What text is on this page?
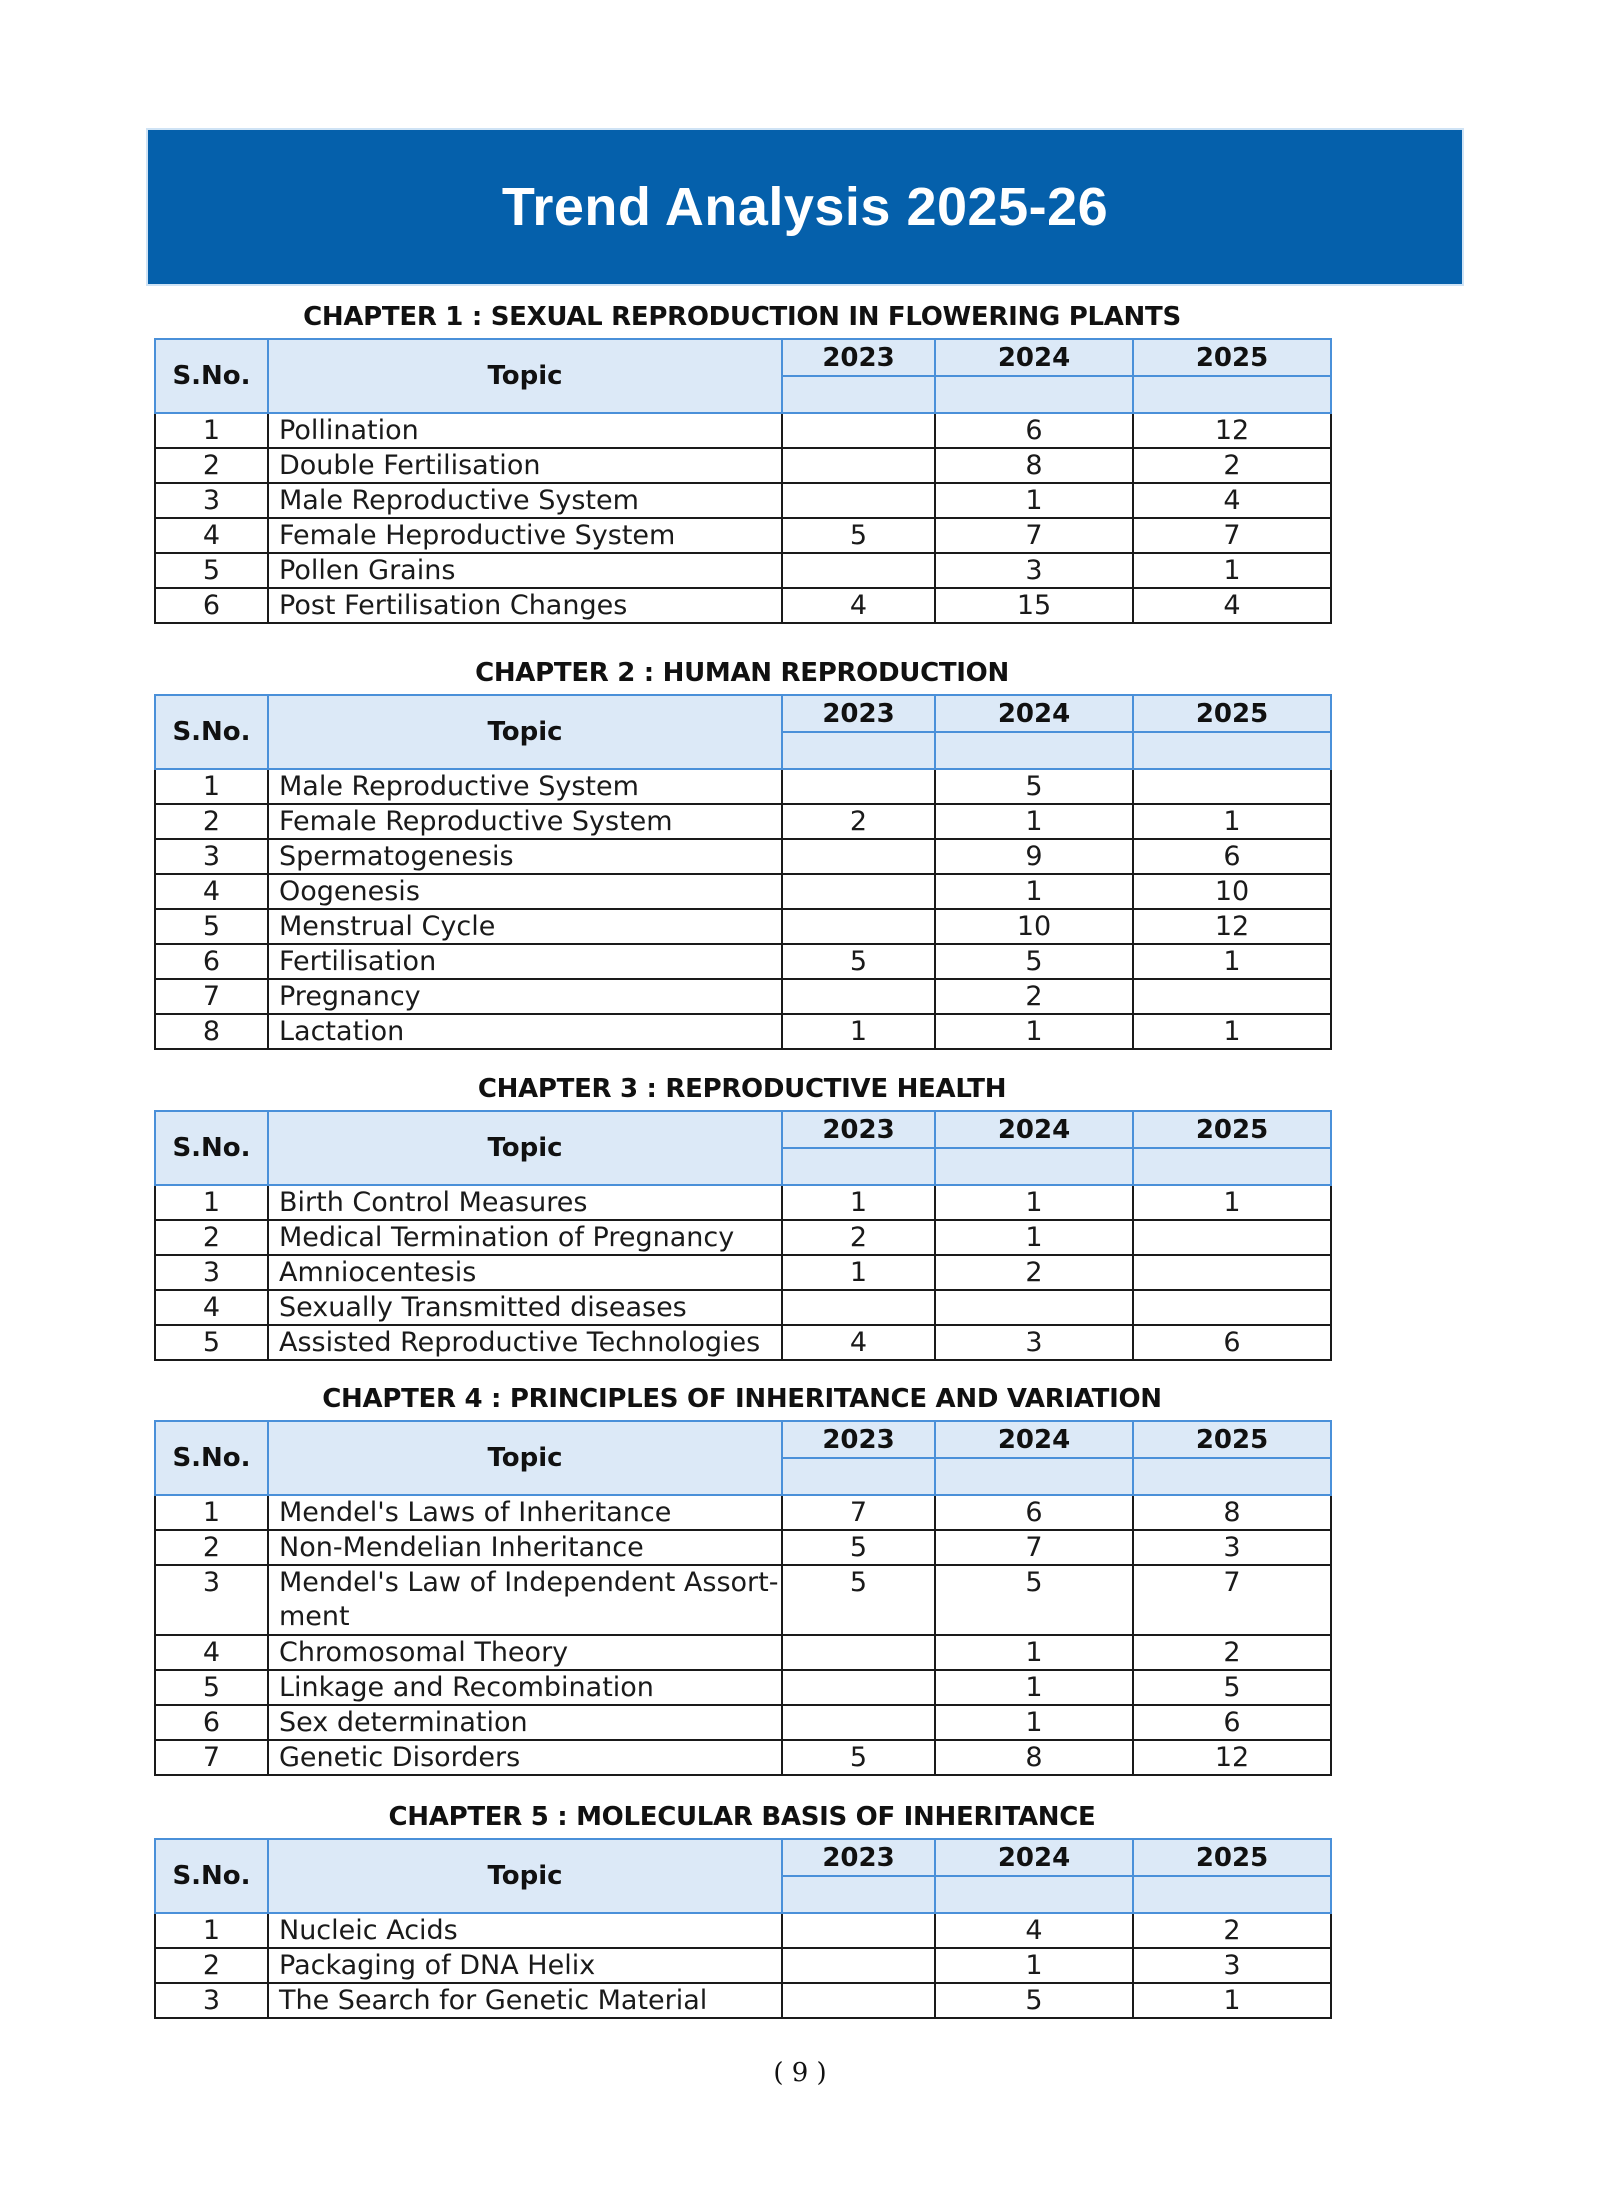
Trend Analysis 2025-26
CHAPTER 1 : SEXUAL REPRODUCTION IN FLOWERING PLANTS
S.No.	Topic	2023	2024	2025

1	Pollination		6	12
2	Double Fertilisation		8	2
3	Male Reproductive System		1	4
4	Female Heproductive System	5	7	7
5	Pollen Grains		3	1
6	Post Fertilisation Changes	4	15	4
CHAPTER 2 : HUMAN REPRODUCTION
S.No.	Topic	2023	2024	2025

1	Male Reproductive System		5	
2	Female Reproductive System	2	1	1
3	Spermatogenesis		9	6
4	Oogenesis		1	10
5	Menstrual Cycle		10	12
6	Fertilisation	5	5	1
7	Pregnancy		2	
8	Lactation	1	1	1
CHAPTER 3 : REPRODUCTIVE HEALTH
S.No.	Topic	2023	2024	2025

1	Birth Control Measures	1	1	1
2	Medical Termination of Pregnancy	2	1	
3	Amniocentesis	1	2	
4	Sexually Transmitted diseases			

5	Assisted Reproductive Technologies	4	3	6
CHAPTER 4 : PRINCIPLES OF INHERITANCE AND VARIATION
S.No.	Topic	2023	2024	2025

1	Mendel's Laws of Inheritance	7	6	8
2	Non-Mendelian Inheritance	5	7	3
3	Mendel's Law of Independent Assort-
ment	5	5	7
4	Chromosomal Theory		1	2
5	Linkage and Recombination		1	5
6	Sex determination		1	6
7	Genetic Disorders	5	8	12
CHAPTER 5 : MOLECULAR BASIS OF INHERITANCE
S.No.	Topic	2023	2024	2025

1	Nucleic Acids		4	2
2	Packaging of DNA Helix		1	3
3	The Search for Genetic Material		5	1
( 9 )
